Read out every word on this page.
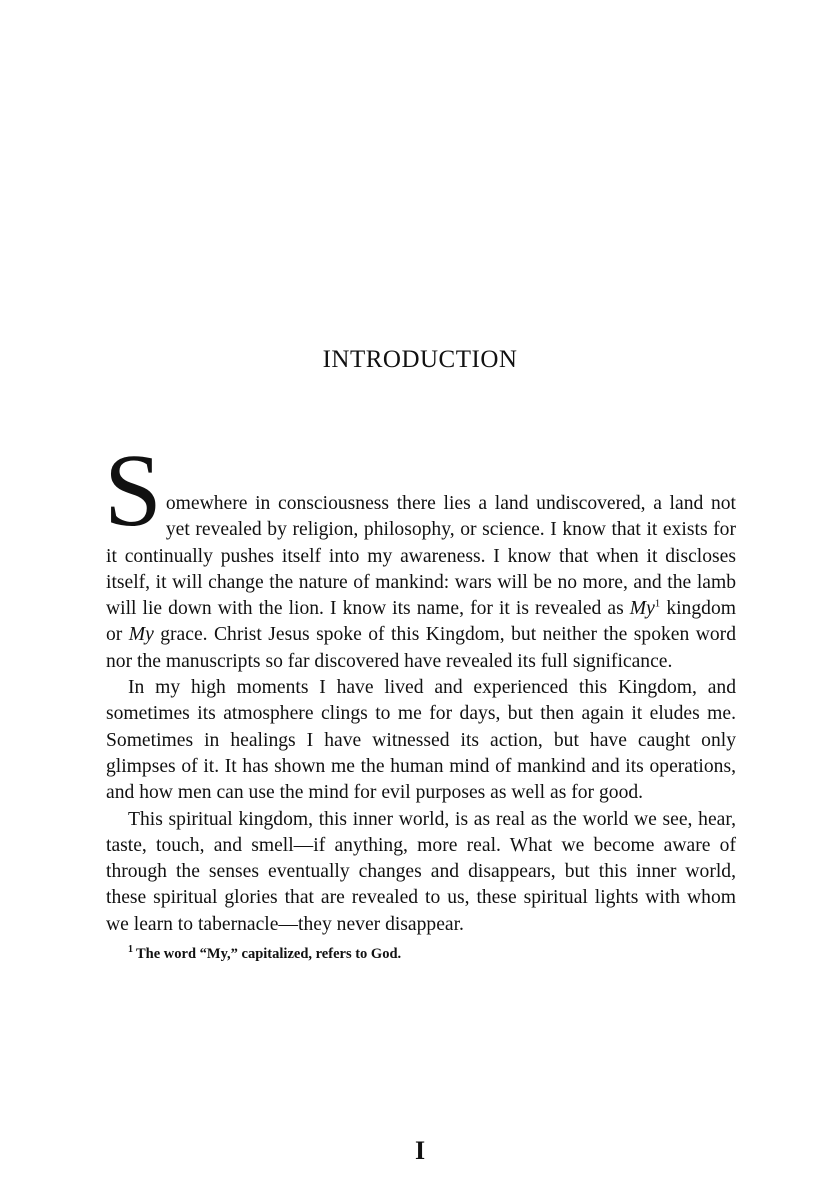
INTRODUCTION

Somewhere in consciousness there lies a land undiscovered, a land not yet revealed by religion, philosophy, or science. I know that it exists for it continually pushes itself into my awareness. I know that when it discloses itself, it will change the nature of mankind: wars will be no more, and the lamb will lie down with the lion. I know its name, for it is revealed as My$^1$ kingdom or My grace. Christ Jesus spoke of this Kingdom, but neither the spoken word nor the manuscripts so far discovered have revealed its full significance.

In my high moments I have lived and experienced this Kingdom, and sometimes its atmosphere clings to me for days, but then again it eludes me. Sometimes in healings I have witnessed its action, but have caught only glimpses of it. It has shown me the human mind of mankind and its operations, and how men can use the mind for evil purposes as well as for good.

This spiritual kingdom, this inner world, is as real as the world we see, hear, taste, touch, and smell—if anything, more real. What we become aware of through the senses eventually changes and disappears, but this inner world, these spiritual glories that are revealed to us, these spiritual lights with whom we learn to tabernacle—they never disappear.

$^1$ The word “My,” capitalized, refers to God.

I
